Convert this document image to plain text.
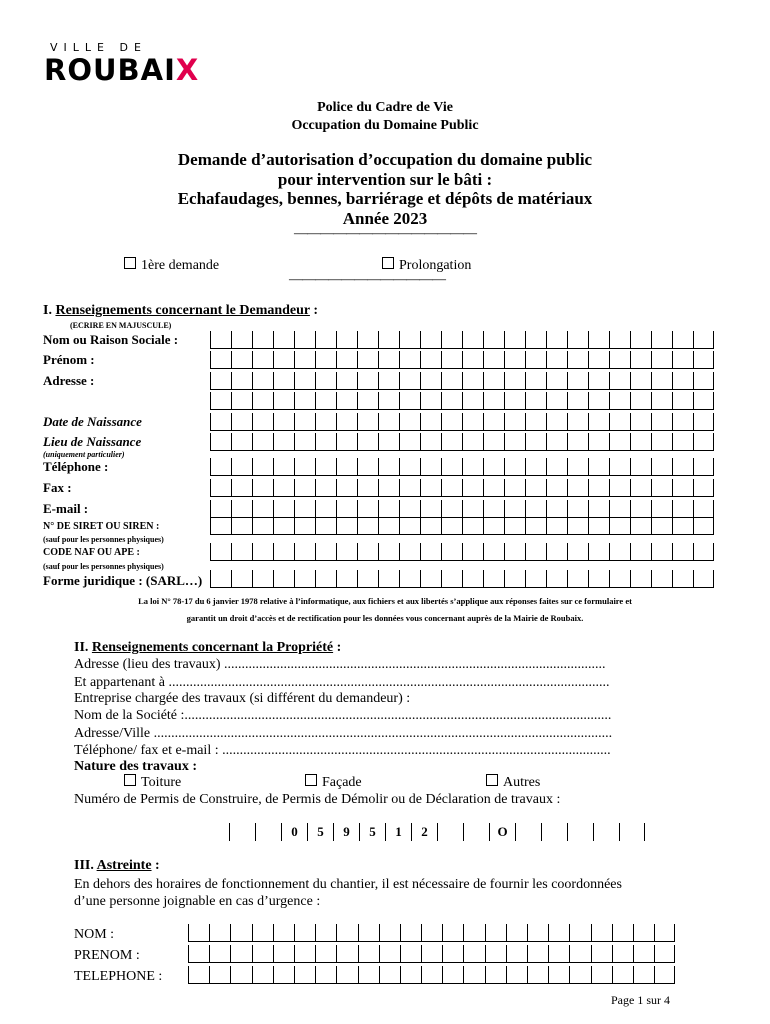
VILLE DE
ROUBAIX
Police du Cadre de Vie
Occupation du Domaine Public
Demande d’autorisation d’occupation du domaine public
pour intervention sur le bâti :
Echafaudages, bennes, barriérage et dépôts de matériaux
Année 2023
——————————————
1ère demande	Prolongation
————————————
I. Renseignements concernant le Demandeur :
(ECRIRE EN MAJUSCULE)
Nom ou Raison Sociale :
Prénom :
Adresse :
Date de Naissance
Lieu de Naissance
(uniquement particulier)
Téléphone :
Fax :
E-mail :
N° DE SIRET OU SIREN :
(sauf pour les personnes physiques)
CODE NAF OU APE :
(sauf pour les personnes physiques)
Forme juridique : (SARL…)
La loi N° 78-17 du 6 janvier 1978 relative à l’informatique, aux fichiers et aux libertés s’applique aux réponses faites sur ce formulaire et
garantit un droit d’accès et de rectification pour les données vous concernant auprès de la Mairie de Roubaix.
II. Renseignements concernant la Propriété :
Adresse (lieu des travaux) .............................................................................................................
Et appartenant à ..............................................................................................................................
Entreprise chargée des travaux (si différent du demandeur) :
Nom de la Société :..........................................................................................................................
Adresse/Ville ...................................................................................................................................
Téléphone/ fax et e-mail : ...............................................................................................................
Nature des travaux :
Toiture	Façade	Autres
Numéro de Permis de Construire, de Permis de Démolir ou de Déclaration de travaux :
0	5	9	5	1	2	O
III. Astreinte :
En dehors des horaires de fonctionnement du chantier, il est nécessaire de fournir les coordonnées
d’une personne joignable en cas d’urgence :
NOM :
PRENOM :
TELEPHONE :
Page 1 sur 4
